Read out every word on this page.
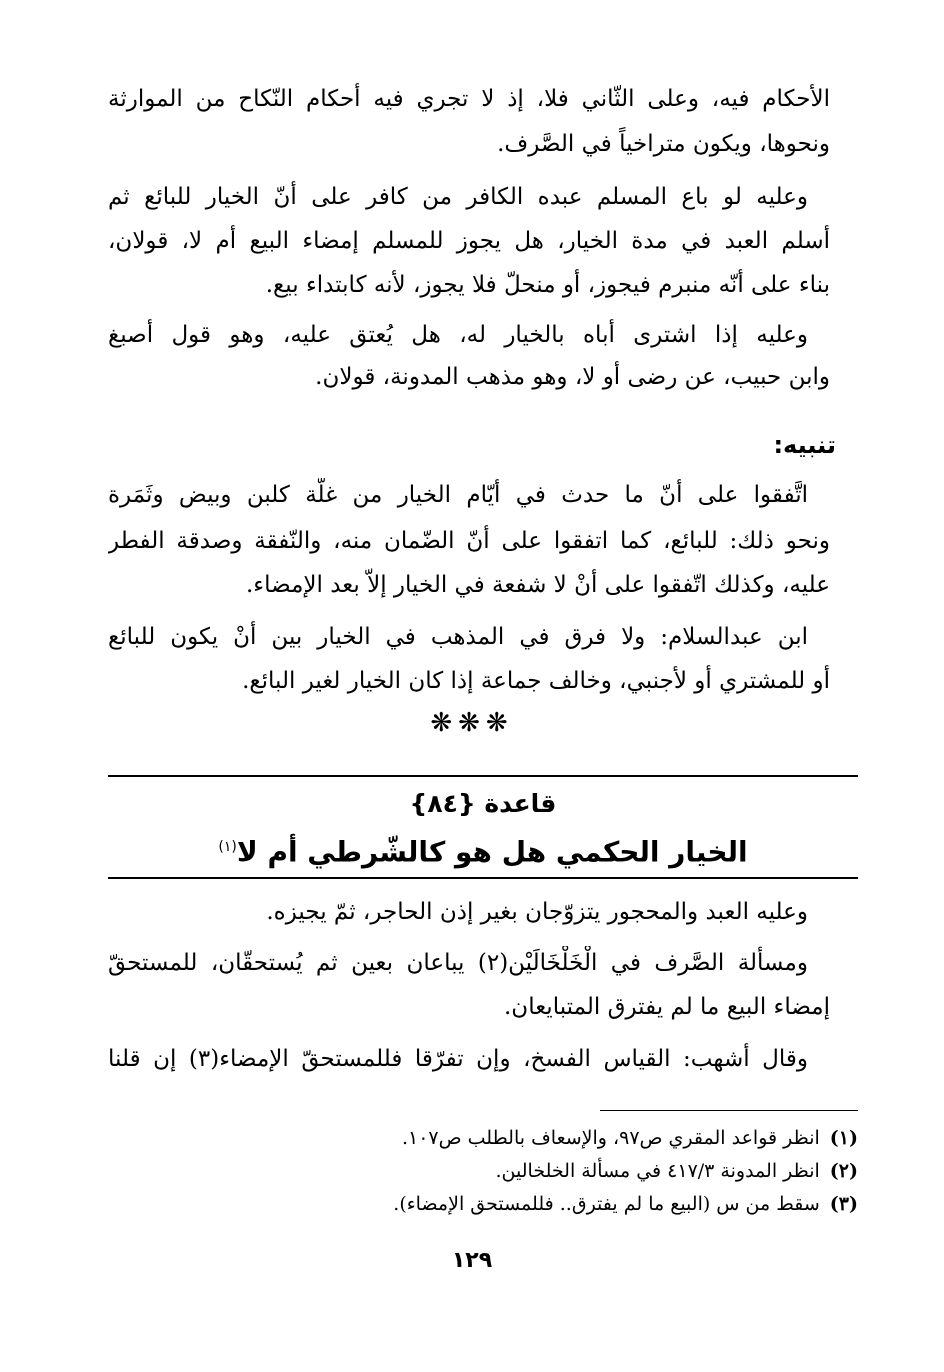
الأحكام فيه، وعلى الثّاني فلا، إذ لا تجري فيه أحكام النّكاح من الموارثة
ونحوها، ويكون متراخياً في الصَّرف.
وعليه لو باع المسلم عبده الكافر من كافر على أنّ الخيار للبائع ثم
أسلم العبد في مدة الخيار، هل يجوز للمسلم إمضاء البيع أم لا، قولان،
بناء على أنّه منبرم فيجوز، أو منحلّ فلا يجوز، لأنه كابتداء بيع.
وعليه إذا اشترى أباه بالخيار له، هل يُعتق عليه، وهو قول أصبغ
وابن حبيب، عن رضى أو لا، وهو مذهب المدونة، قولان.
تنبيه:
اتَّفقوا على أنّ ما حدث في أيّام الخيار من غلَّة كلبن وبيض وثَمَرة
ونحو ذلك: للبائع، كما اتفقوا على أنّ الضّمان منه، والنّفقة وصدقة الفطر
عليه، وكذلك اتّفقوا على أنْ لا شفعة في الخيار إلاّ بعد الإمضاء.
ابن عبدالسلام: ولا فرق في المذهب في الخيار بين أنْ يكون للبائع
أو للمشتري أو لأجنبي، وخالف جماعة إذا كان الخيار لغير البائع.
❋❋❋
قاعدة {٨٤}
الخيار الحكمي هل هو كالشّرطي أم لا$^{(١)}$
وعليه العبد والمحجور يتزوّجان بغير إذن الحاجر، ثمّ يجيزه.
ومسألة الصَّرف في الْخَلْخَالَيْن(٢) يباعان بعين ثم يُستحقّان، للمستحقّ
إمضاء البيع ما لم يفترق المتبايعان.
وقال أشهب: القياس الفسخ، وإن تفرّقا فللمستحقّ الإمضاء(٣) إن قلنا
(١)انظر قواعد المقري ص٩٧، والإسعاف بالطلب ص١٠٧.
(٢)انظر المدونة ٤١٧/٣ في مسألة الخلخالين.
(٣)سقط من س (البيع ما لم يفترق.. فللمستحق الإمضاء).
١٢٩
